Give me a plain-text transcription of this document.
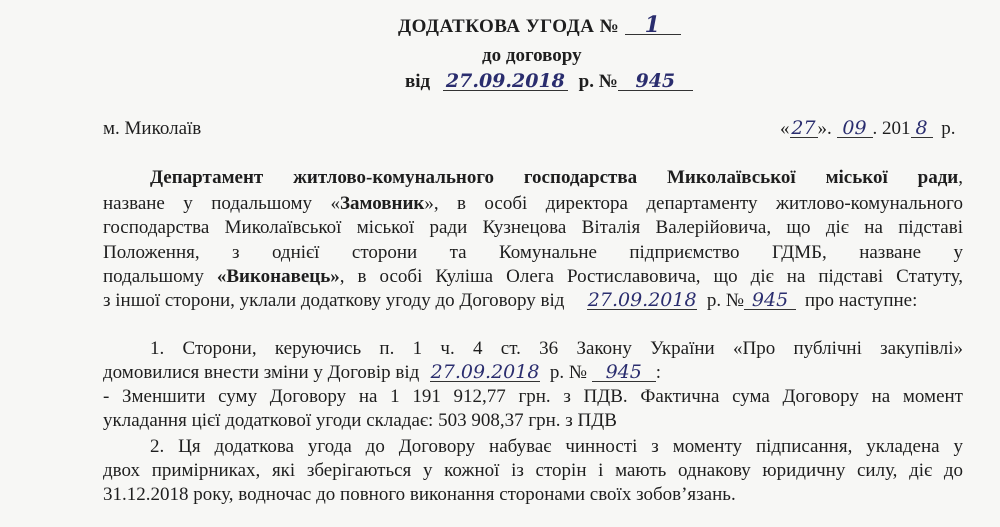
ДОДАТКОВА УГОДА № 1
до договору
від 27.09.2018 р. № 945
м. Миколаїв	« 27 ». 09 . 201 8 р.
Департамент житлово-комунального господарства Миколаївської міської ради,
назване у подальшому «Замовник», в особі директора департаменту житлово-комунального
господарства Миколаївської міської ради Кузнецова Віталія Валерійовича, що діє на підставі
Положення, з однієї сторони та Комунальне підприємство ГДМБ, назване у
подальшому «Виконавець», в особі Куліша Олега Ростиславовича, що діє на підставі Статуту,
з іншої сторони, уклали додаткову угоду до Договору від 27.09.2018 р. № 945 про наступне:
1. Сторони, керуючись п. 1 ч. 4 ст. 36 Закону України «Про публічні закупівлі»
домовилися внести зміни у Договір від 27.09.2018 р. № 945 :
- Зменшити суму Договору на 1 191 912,77 грн. з ПДВ. Фактична сума Договору на момент
укладання цієї додаткової угоди складає: 503 908,37 грн. з ПДВ
2. Ця додаткова угода до Договору набуває чинності з моменту підписання, укладена у
двох примірниках, які зберігаються у кожної із сторін і мають однакову юридичну силу, діє до
31.12.2018 року, водночас до повного виконання сторонами своїх зобов’язань.
